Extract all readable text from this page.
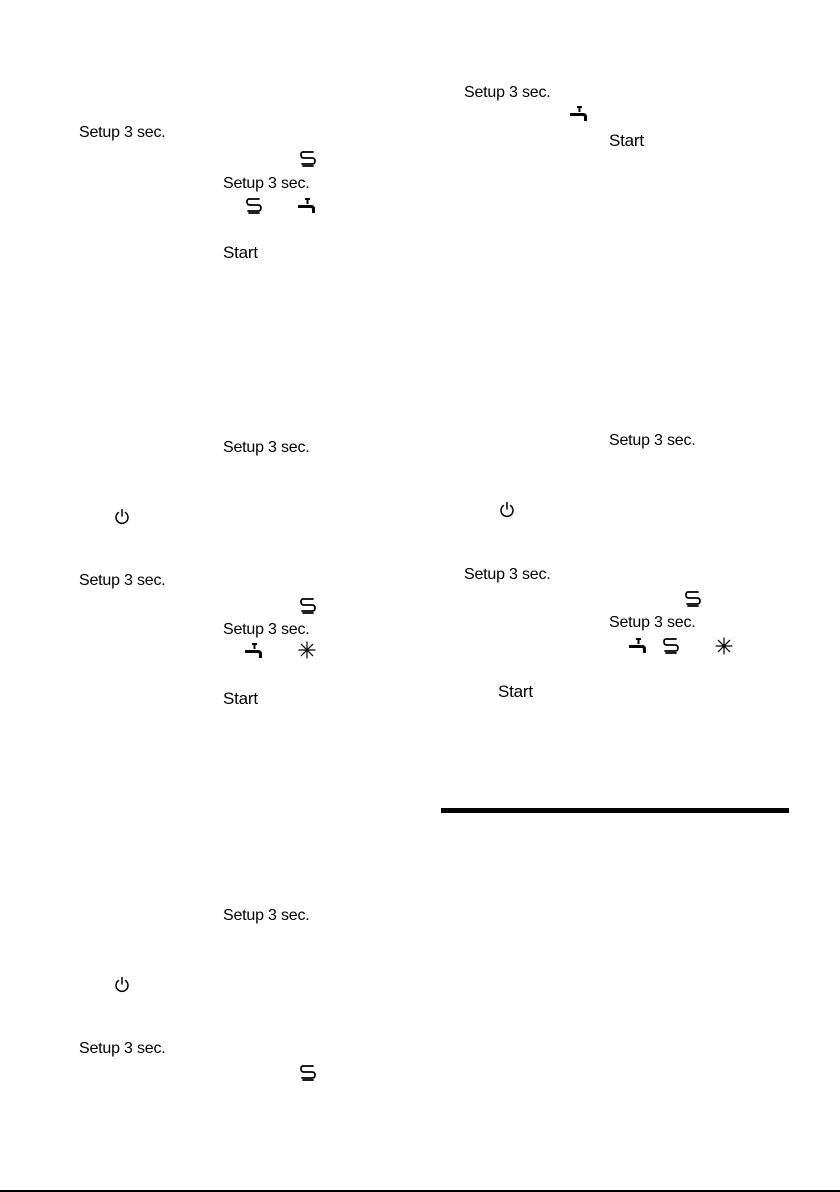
Setup 3 sec.
Setup 3 sec.
Start
Setup 3 sec.
Setup 3 sec.
Setup 3 sec.
Start
Setup 3 sec.
Setup 3 sec.
Setup 3 sec.
Start
Setup 3 sec.
Setup 3 sec.
Setup 3 sec.
Start
